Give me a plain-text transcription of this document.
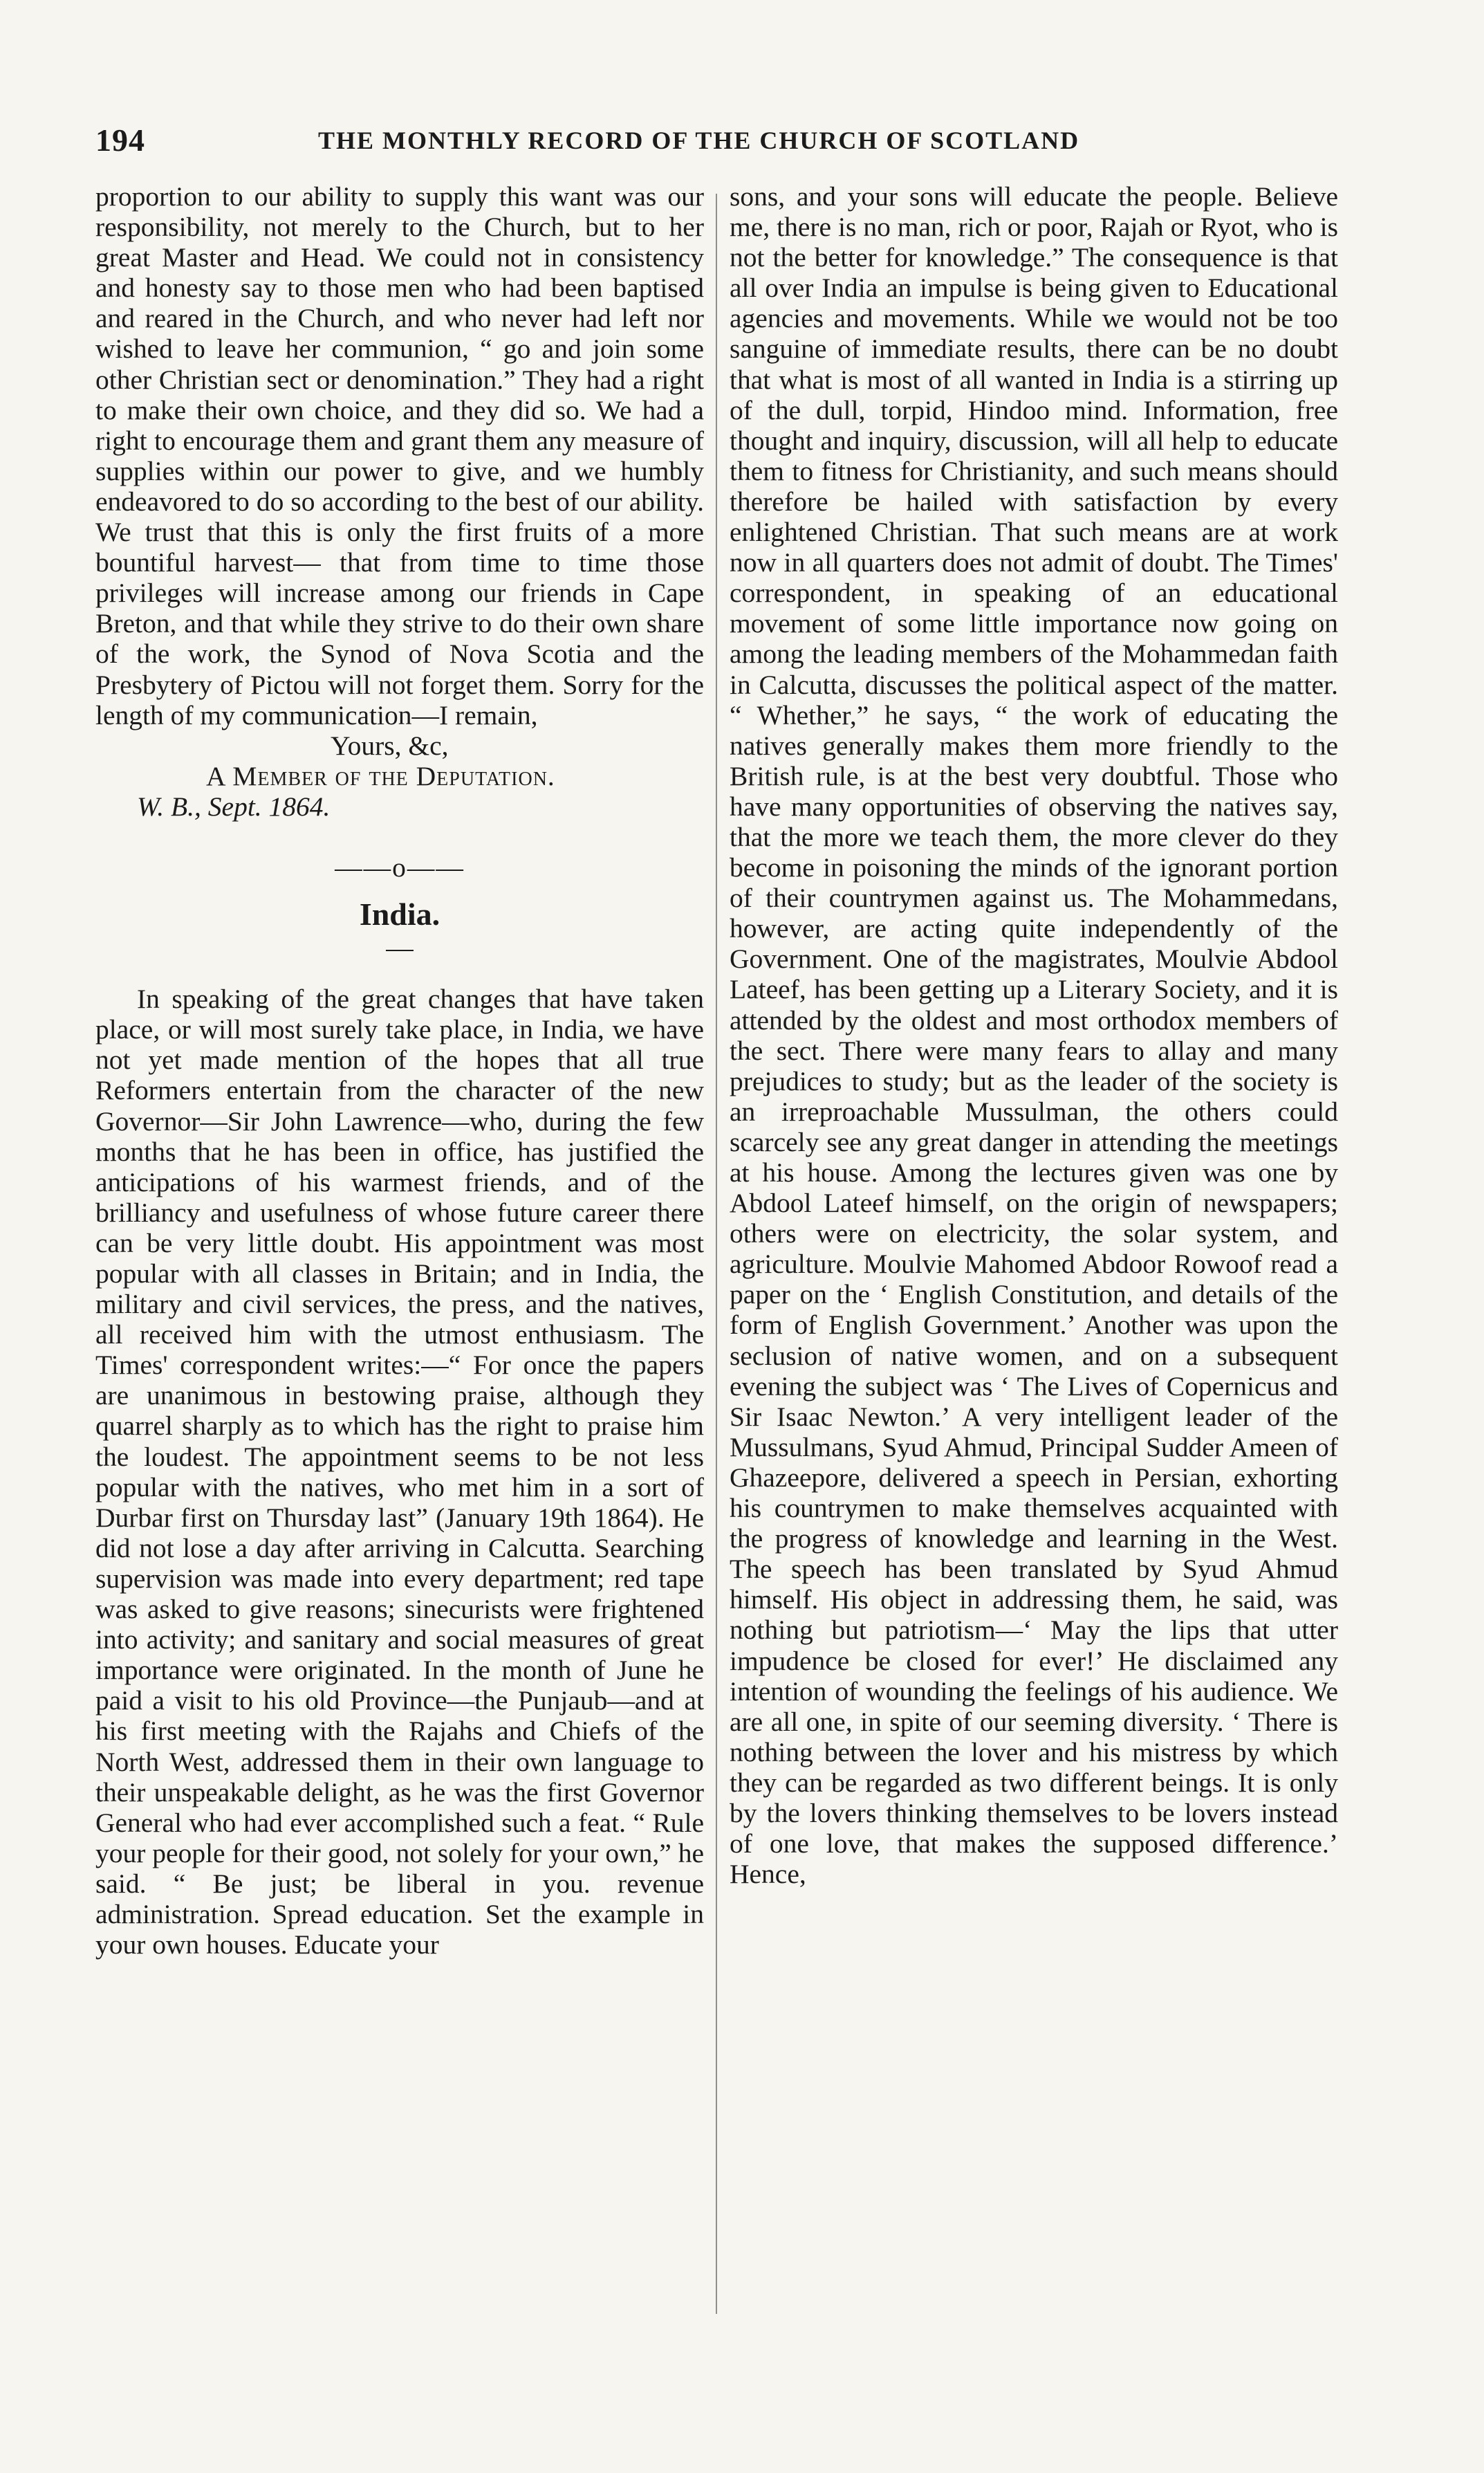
194	THE MONTHLY RECORD OF THE CHURCH OF SCOTLAND

proportion to our ability to supply this want was our responsibility, not merely to the Church, but to her great Master and Head. We could not in consistency and honesty say to those men who had been baptised and reared in the Church, and who never had left nor wished to leave her communion, “ go and join some other Christian sect or denomination.” They had a right to make their own choice, and they did so. We had a right to encourage them and grant them any measure of supplies within our power to give, and we humbly endeavored to do so according to the best of our ability. We trust that this is only the first fruits of a more bountiful harvest— that from time to time those privileges will increase among our friends in Cape Breton, and that while they strive to do their own share of the work, the Synod of Nova Scotia and the Presbytery of Pictou will not forget them. Sorry for the length of my communication—I remain,

Yours, &c,

A Member of the Deputation.

W. B., Sept. 1864.

——o——

India.

—

In speaking of the great changes that have taken place, or will most surely take place, in India, we have not yet made mention of the hopes that all true Reformers entertain from the character of the new Governor—Sir John Lawrence—who, during the few months that he has been in office, has justified the anticipations of his warmest friends, and of the brilliancy and usefulness of whose future career there can be very little doubt. His appointment was most popular with all classes in Britain; and in India, the military and civil services, the press, and the natives, all received him with the utmost enthusiasm. The Times' correspondent writes:—“ For once the papers are unanimous in bestowing praise, although they quarrel sharply as to which has the right to praise him the loudest. The appointment seems to be not less popular with the natives, who met him in a sort of Durbar first on Thursday last” (January 19th 1864). He did not lose a day after arriving in Calcutta. Searching supervision was made into every department; red tape was asked to give reasons; sinecurists were frightened into activity; and sanitary and social measures of great importance were originated. In the month of June he paid a visit to his old Province—the Punjaub—and at his first meeting with the Rajahs and Chiefs of the North West, addressed them in their own language to their unspeakable delight, as he was the first Governor General who had ever accomplished such a feat. “ Rule your people for their good, not solely for your own,” he said. “ Be just; be liberal in you. revenue administration. Spread education. Set the example in your own houses. Educate your

sons, and your sons will educate the people. Believe me, there is no man, rich or poor, Rajah or Ryot, who is not the better for knowledge.” The consequence is that all over India an impulse is being given to Educational agencies and movements. While we would not be too sanguine of immediate results, there can be no doubt that what is most of all wanted in India is a stirring up of the dull, torpid, Hindoo mind. Information, free thought and inquiry, discussion, will all help to educate them to fitness for Christianity, and such means should therefore be hailed with satisfaction by every enlightened Christian. That such means are at work now in all quarters does not admit of doubt. The Times' correspondent, in speaking of an educational movement of some little importance now going on among the leading members of the Mohammedan faith in Calcutta, discusses the political aspect of the matter. “ Whether,” he says, “ the work of educating the natives generally makes them more friendly to the British rule, is at the best very doubtful. Those who have many opportunities of observing the natives say, that the more we teach them, the more clever do they become in poisoning the minds of the ignorant portion of their countrymen against us. The Mohammedans, however, are acting quite independently of the Government. One of the magistrates, Moulvie Abdool Lateef, has been getting up a Literary Society, and it is attended by the oldest and most orthodox members of the sect. There were many fears to allay and many prejudices to study; but as the leader of the society is an irreproachable Mussulman, the others could scarcely see any great danger in attending the meetings at his house. Among the lectures given was one by Abdool Lateef himself, on the origin of newspapers; others were on electricity, the solar system, and agriculture. Moulvie Mahomed Abdoor Rowoof read a paper on the ‘ English Constitution, and details of the form of English Government.’ Another was upon the seclusion of native women, and on a subsequent evening the subject was ‘ The Lives of Copernicus and Sir Isaac Newton.’ A very intelligent leader of the Mussulmans, Syud Ahmud, Principal Sudder Ameen of Ghazeepore, delivered a speech in Persian, exhorting his countrymen to make themselves acquainted with the progress of knowledge and learning in the West. The speech has been translated by Syud Ahmud himself. His object in addressing them, he said, was nothing but patriotism—‘ May the lips that utter impudence be closed for ever!’ He disclaimed any intention of wounding the feelings of his audience. We are all one, in spite of our seeming diversity. ‘ There is nothing between the lover and his mistress by which they can be regarded as two different beings. It is only by the lovers thinking themselves to be lovers instead of one love, that makes the supposed difference.’ Hence,
